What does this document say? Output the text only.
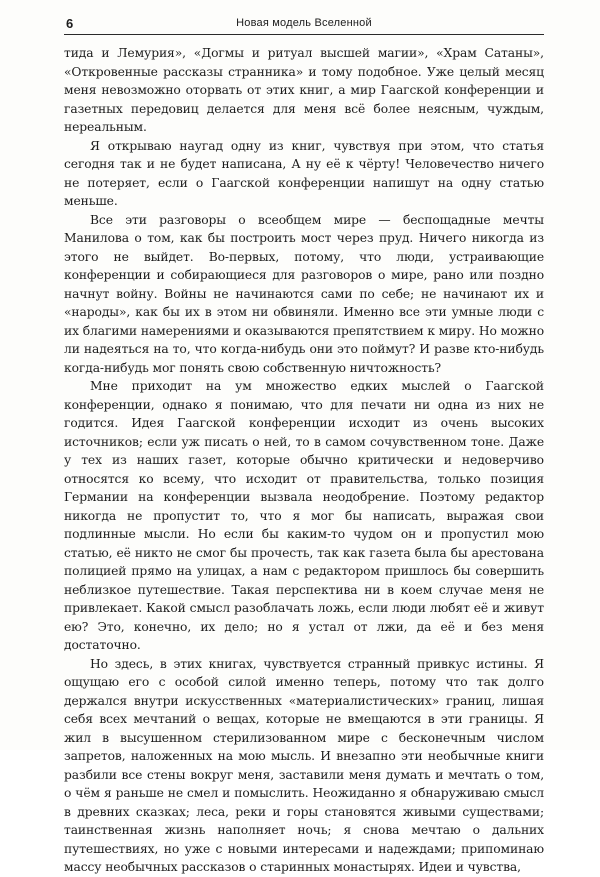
6	Новая модель Вселенной

тида и Лемурия», «Догмы и ритуал высшей магии», «Храм Сатаны», «Откровенные рассказы странника» и тому подобное. Уже целый месяц меня невозможно оторвать от этих книг, а мир Гаагской конференции и газетных передовиц делается для меня всё более неясным, чуждым, нереальным.

Я открываю наугад одну из книг, чувствуя при этом, что статья сегодня так и не будет написана, А ну её к чёрту! Человечество ничего не потеряет, если о Гаагской конференции напишут на одну статью меньше.

Все эти разговоры о всеобщем мире — беспощадные мечты Манилова о том, как бы построить мост через пруд. Ничего никогда из этого не выйдет. Во-первых, потому, что люди, устраивающие конференции и собирающиеся для разговоров о мире, рано или поздно начнут войну. Войны не начинаются сами по себе; не начинают их и «народы», как бы их в этом ни обвиняли. Именно все эти умные люди с их благими намерениями и оказываются препятствием к миру. Но можно ли надеяться на то, что когда-нибудь они это поймут? И разве кто-нибудь когда-нибудь мог понять свою собственную ничтожность?

Мне приходит на ум множество едких мыслей о Гаагской конференции, однако я понимаю, что для печати ни одна из них не годится. Идея Гаагской конференции исходит из очень высоких источников; если уж писать о ней, то в самом сочувственном тоне. Даже у тех из наших газет, которые обычно критически и недоверчиво относятся ко всему, что исходит от правительства, только позиция Германии на конференции вызвала неодобрение. Поэтому редактор никогда не пропустит то, что я мог бы написать, выражая свои подлинные мысли. Но если бы каким-то чудом он и пропустил мою статью, её никто не смог бы прочесть, так как газета была бы арестована полицией прямо на улицах, а нам с редактором пришлось бы совершить неблизкое путешествие. Такая перспектива ни в коем случае меня не привлекает. Какой смысл разоблачать ложь, если люди любят её и живут ею? Это, конечно, их дело; но я устал от лжи, да её и без меня достаточно.

Но здесь, в этих книгах, чувствуется странный привкус истины. Я ощущаю его с особой силой именно теперь, потому что так долго держался внутри искусственных «материалистических» границ, лишая себя всех мечтаний о вещах, которые не вмещаются в эти границы. Я жил в высушенном стерилизованном мире с бесконечным числом запретов, наложенных на мою мысль. И внезапно эти необычные книги разбили все стены вокруг меня, заставили меня думать и мечтать о том, о чём я раньше не смел и помыслить. Неожиданно я обнаруживаю смысл в древних сказках; леса, реки и горы становятся живыми существами; таинственная жизнь наполняет ночь; я снова мечтаю о дальних путешествиях, но уже с новыми интересами и надеждами; припоминаю массу необычных рассказов о старинных монастырях. Идеи и чувства,
